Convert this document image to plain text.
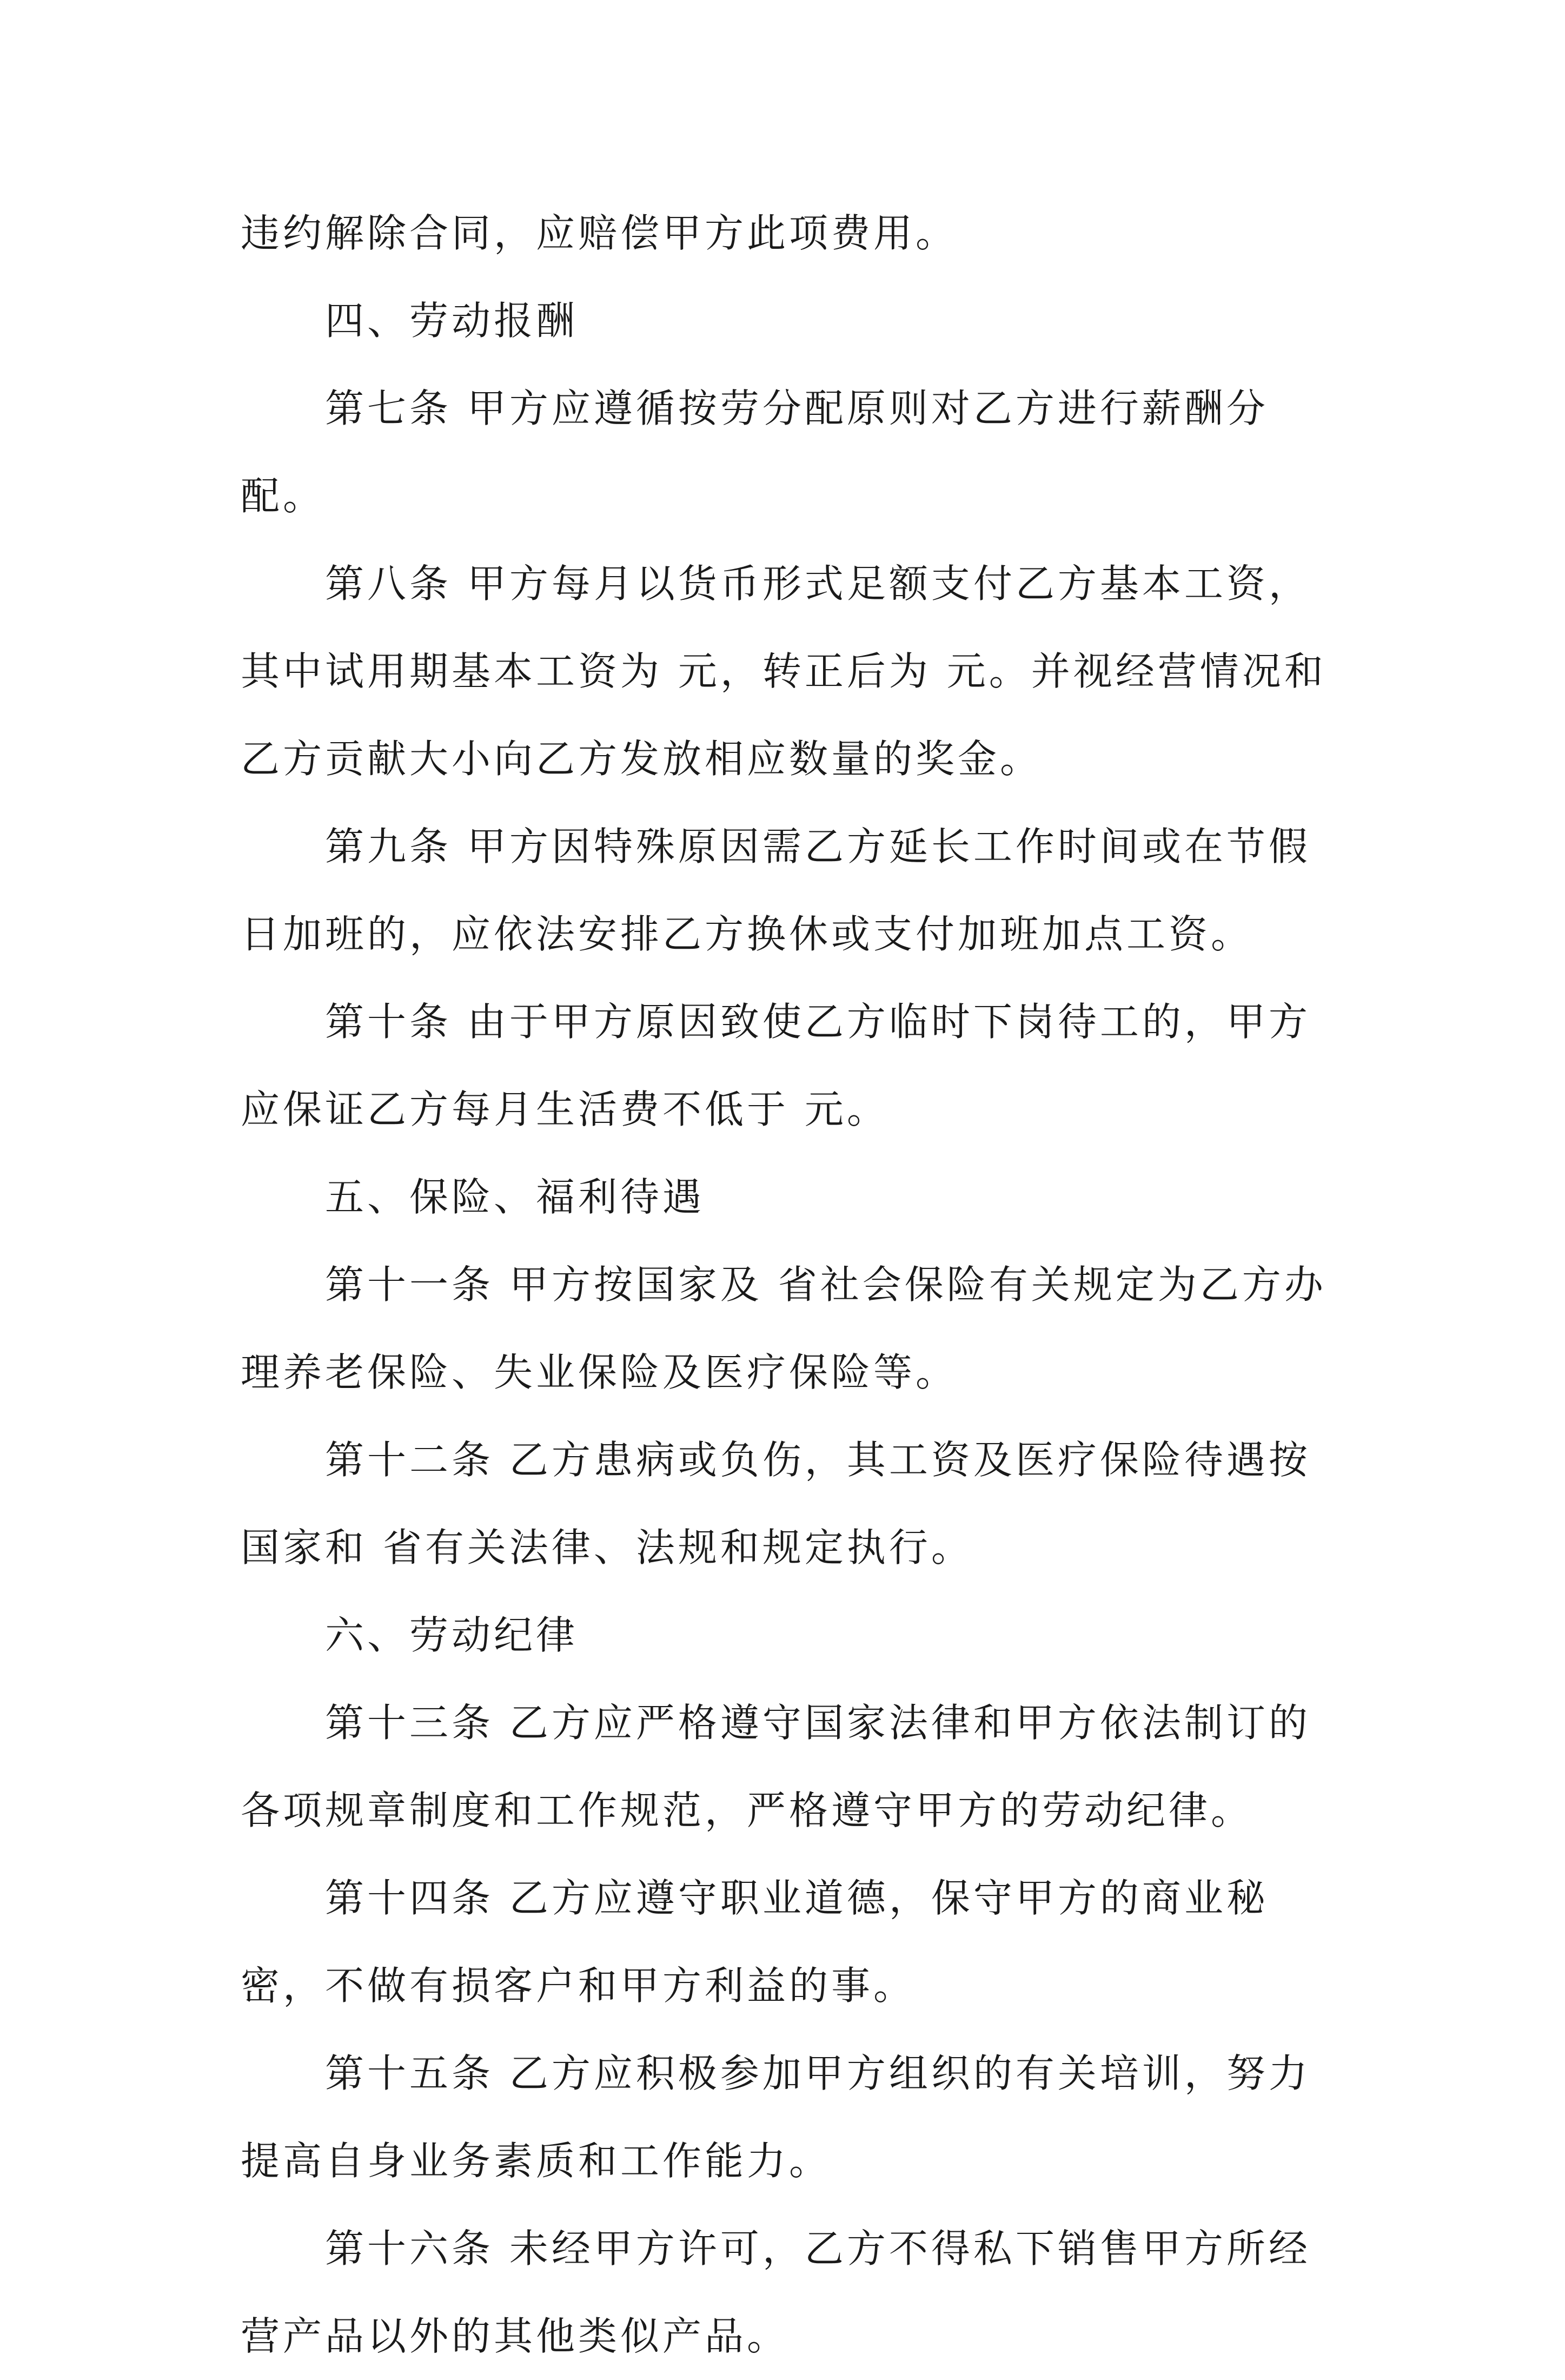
违约解除合同，应赔偿甲方此项费用。

四、劳动报酬

第七条 甲方应遵循按劳分配原则对乙方进行薪酬分配。

第八条 甲方每月以货币形式足额支付乙方基本工资，其中试用期基本工资为 元，转正后为 元。并视经营情况和乙方贡献大小向乙方发放相应数量的奖金。

第九条 甲方因特殊原因需乙方延长工作时间或在节假日加班的，应依法安排乙方换休或支付加班加点工资。

第十条 由于甲方原因致使乙方临时下岗待工的，甲方应保证乙方每月生活费不低于 元。

五、保险、福利待遇

第十一条 甲方按国家及 省社会保险有关规定为乙方办理养老保险、失业保险及医疗保险等。

第十二条 乙方患病或负伤，其工资及医疗保险待遇按国家和 省有关法律、法规和规定执行。

六、劳动纪律

第十三条 乙方应严格遵守国家法律和甲方依法制订的各项规章制度和工作规范，严格遵守甲方的劳动纪律。

第十四条 乙方应遵守职业道德，保守甲方的商业秘密，不做有损客户和甲方利益的事。

第十五条 乙方应积极参加甲方组织的有关培训，努力提高自身业务素质和工作能力。

第十六条 未经甲方许可，乙方不得私下销售甲方所经营产品以外的其他类似产品。
